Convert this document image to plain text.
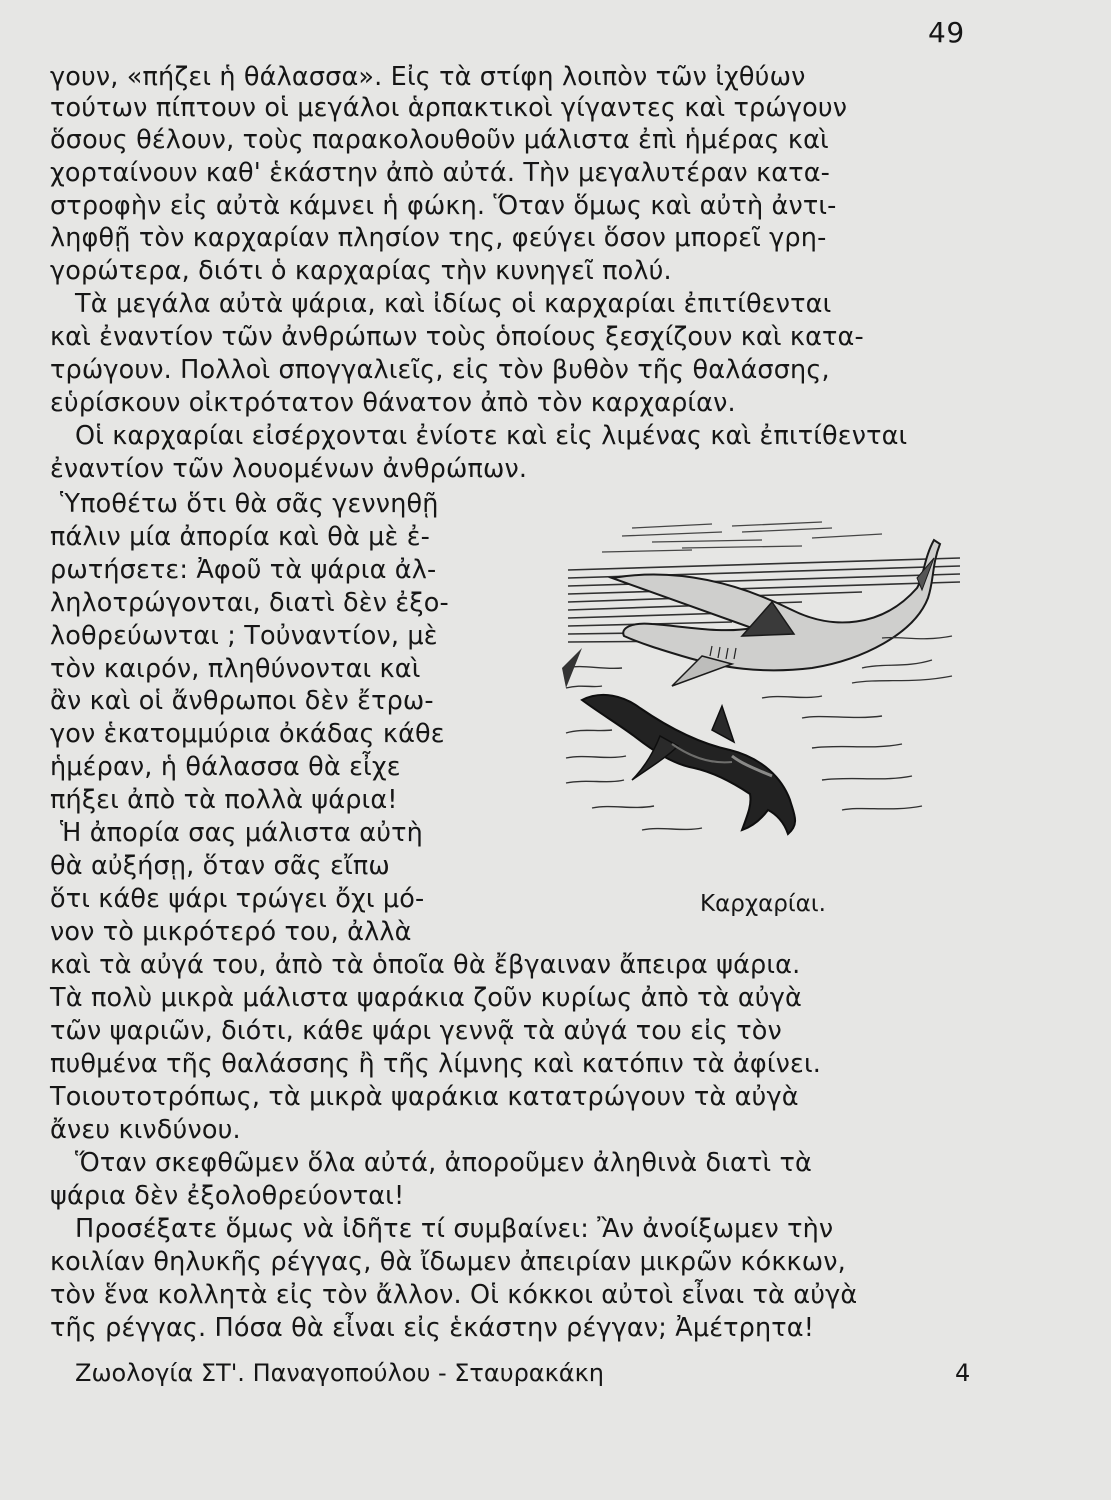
49
γουν, «πήζει ἡ θάλασσα». Εἰς τὰ στίφη λοιπὸν τῶν ἰχθύων
τούτων πίπτουν οἱ μεγάλοι ἁρπακτικοὶ γίγαντες καὶ τρώγουν
ὅσους θέλουν, τοὺς παρακολουθοῦν μάλιστα ἐπὶ ἡμέρας καὶ
χορταίνουν καθ' ἑκάστην ἀπὸ αὐτά. Τὴν μεγαλυτέραν κατα-
στροφὴν εἰς αὐτὰ κάμνει ἡ φώκη. Ὅταν ὅμως καὶ αὐτὴ ἀντι-
ληφθῇ τὸν καρχαρίαν πλησίον της, φεύγει ὅσον μπορεῖ γρη-
γορώτερα, διότι ὁ καρχαρίας τὴν κυνηγεῖ πολύ.
Τὰ μεγάλα αὐτὰ ψάρια, καὶ ἰδίως οἱ καρχαρίαι ἐπιτίθενται
καὶ ἐναντίον τῶν ἀνθρώπων τοὺς ὁποίους ξεσχίζουν καὶ κατα-
τρώγουν. Πολλοὶ σπογγαλιεῖς, εἰς τὸν βυθὸν τῆς θαλάσσης,
εὑρίσκουν οἰκτρότατον θάνατον ἀπὸ τὸν καρχαρίαν.
Οἱ καρχαρίαι εἰσέρχονται ἐνίοτε καὶ εἰς λιμένας καὶ ἐπιτίθενται
ἐναντίον τῶν λουομένων ἀνθρώπων.
Ὑποθέτω ὅτι θὰ σᾶς γεννηθῇ
πάλιν μία ἀπορία καὶ θὰ μὲ ἐ-
ρωτήσετε: Ἀφοῦ τὰ ψάρια ἀλ-
ληλοτρώγονται, διατὶ δὲν ἐξο-
λοθρεύωνται ; Τοὐναντίον, μὲ
τὸν καιρόν, πληθύνονται καὶ
ἂν καὶ οἱ ἄνθρωποι δὲν ἔτρω-
γον ἑκατομμύρια ὀκάδας κάθε
ἡμέραν, ἡ θάλασσα θὰ εἶχε
πήξει ἀπὸ τὰ πολλὰ ψάρια!
Ἡ ἀπορία σας μάλιστα αὐτὴ
θὰ αὐξήσῃ, ὅταν σᾶς εἴπω
ὅτι κάθε ψάρι τρώγει ὄχι μό-
νον τὸ μικρότερό του, ἀλλὰ
Καρχαρίαι.
καὶ τὰ αὐγά του, ἀπὸ τὰ ὁποῖα θὰ ἔβγαιναν ἄπειρα ψάρια.
Τὰ πολὺ μικρὰ μάλιστα ψαράκια ζοῦν κυρίως ἀπὸ τὰ αὐγὰ
τῶν ψαριῶν, διότι, κάθε ψάρι γεννᾷ τὰ αὐγά του εἰς τὸν
πυθμένα τῆς θαλάσσης ἢ τῆς λίμνης καὶ κατόπιν τὰ ἀφίνει.
Τοιουτοτρόπως, τὰ μικρὰ ψαράκια κατατρώγουν τὰ αὐγὰ
ἄνευ κινδύνου.
Ὅταν σκεφθῶμεν ὅλα αὐτά, ἀποροῦμεν ἀληθινὰ διατὶ τὰ
ψάρια δὲν ἐξολοθρεύονται!
Προσέξατε ὅμως νὰ ἰδῆτε τί συμβαίνει: Ἂν ἀνοίξωμεν τὴν
κοιλίαν θηλυκῆς ρέγγας, θὰ ἴδωμεν ἀπειρίαν μικρῶν κόκκων,
τὸν ἕνα κολλητὰ εἰς τὸν ἄλλον. Οἱ κόκκοι αὐτοὶ εἶναι τὰ αὐγὰ
τῆς ρέγγας. Πόσα θὰ εἶναι εἰς ἑκάστην ρέγγαν; Ἀμέτρητα!
Ζωολογία ΣΤ'. Παναγοπούλου - Σταυρακάκη	4
